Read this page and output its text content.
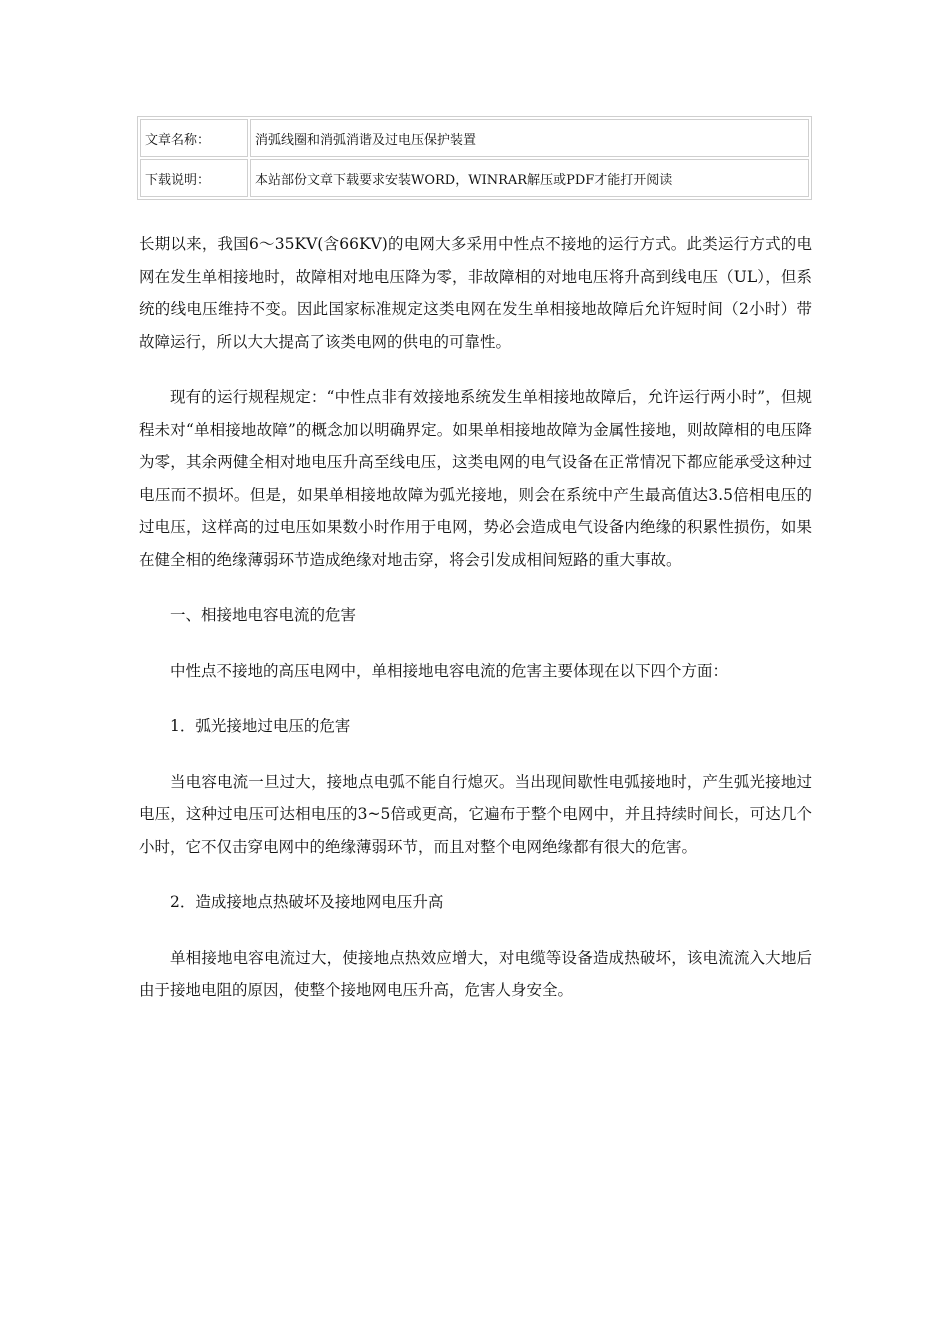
文章名称：	消弧线圈和消弧消谐及过电压保护装置
下载说明：	本站部份文章下载要求安装WORD，WINRAR解压或PDF才能打开阅读

长期以来，我国6～35KV(含66KV)的电网大多采用中性点不接地的运行方式。此类运行方式的电网在发生单相接地时，故障相对地电压降为零，非故障相的对地电压将升高到线电压（UL），但系统的线电压维持不变。因此国家标准规定这类电网在发生单相接地故障后允许短时间（2小时）带故障运行，所以大大提高了该类电网的供电的可靠性。

现有的运行规程规定：“中性点非有效接地系统发生单相接地故障后，允许运行两小时”，但规程未对“单相接地故障”的概念加以明确界定。如果单相接地故障为金属性接地，则故障相的电压降为零，其余两健全相对地电压升高至线电压，这类电网的电气设备在正常情况下都应能承受这种过电压而不损坏。但是，如果单相接地故障为弧光接地，则会在系统中产生最高值达3.5倍相电压的过电压，这样高的过电压如果数小时作用于电网，势必会造成电气设备内绝缘的积累性损伤，如果在健全相的绝缘薄弱环节造成绝缘对地击穿，将会引发成相间短路的重大事故。

一、相接地电容电流的危害

中性点不接地的高压电网中，单相接地电容电流的危害主要体现在以下四个方面：

1．弧光接地过电压的危害

当电容电流一旦过大，接地点电弧不能自行熄灭。当出现间歇性电弧接地时，产生弧光接地过电压，这种过电压可达相电压的3~5倍或更高，它遍布于整个电网中，并且持续时间长，可达几个小时，它不仅击穿电网中的绝缘薄弱环节，而且对整个电网绝缘都有很大的危害。

2．造成接地点热破坏及接地网电压升高

单相接地电容电流过大，使接地点热效应增大，对电缆等设备造成热破坏，该电流流入大地后由于接地电阻的原因，使整个接地网电压升高，危害人身安全。
